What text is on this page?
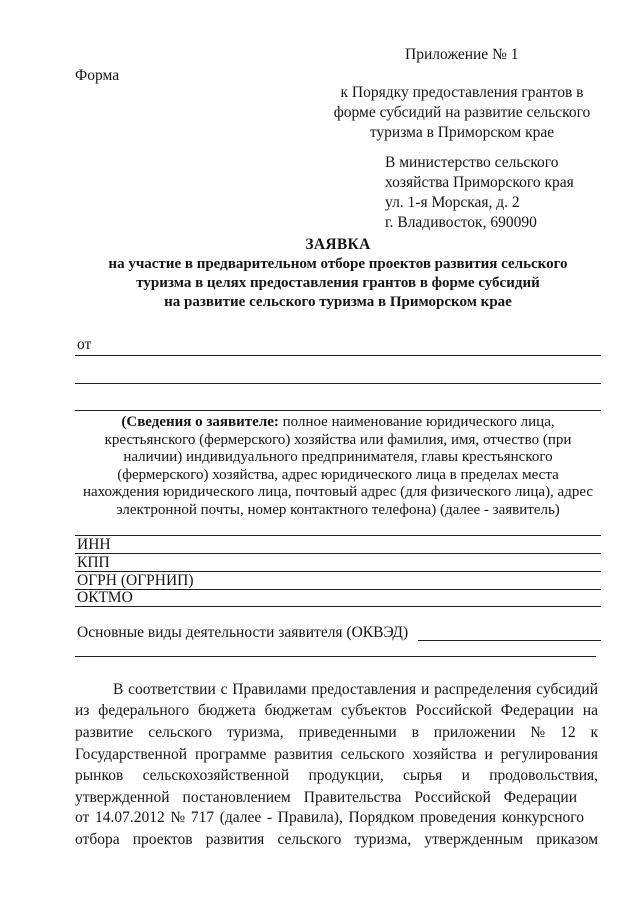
Приложение № 1
Форма
к Порядку предоставления грантов в
форме субсидий на развитие сельского
туризма в Приморском крае
В министерство сельского
хозяйства Приморского края
ул. 1-я Морская, д. 2
г. Владивосток, 690090
ЗАЯВКА
на участие в предварительном отборе проектов развития сельского
туризма в целях предоставления грантов в форме субсидий
на развитие сельского туризма в Приморском крае
от
(Сведения о заявителе: полное наименование юридического лица,
крестьянского (фермерского) хозяйства или фамилия, имя, отчество (при
наличии) индивидуального предпринимателя, главы крестьянского
(фермерского) хозяйства, адрес юридического лица в пределах места
нахождения юридического лица, почтовый адрес (для физического лица), адрес
электронной почты, номер контактного телефона) (далее - заявитель)
ИНН
КПП
ОГРН (ОГРНИП)
ОКТМО
Основные виды деятельности заявителя (ОКВЭД)
В соответствии с Правилами предоставления и распределения субсидий
из федерального бюджета бюджетам субъектов Российской Федерации на
развитие сельского туризма, приведенными в приложении № 12 к
Государственной программе развития сельского хозяйства и регулирования
рынков сельскохозяйственной продукции, сырья и продовольствия,
утвержденной постановлением Правительства Российской Федерации
от 14.07.2012 № 717 (далее - Правила), Порядком проведения конкурсного
отбора проектов развития сельского туризма, утвержденным приказом
